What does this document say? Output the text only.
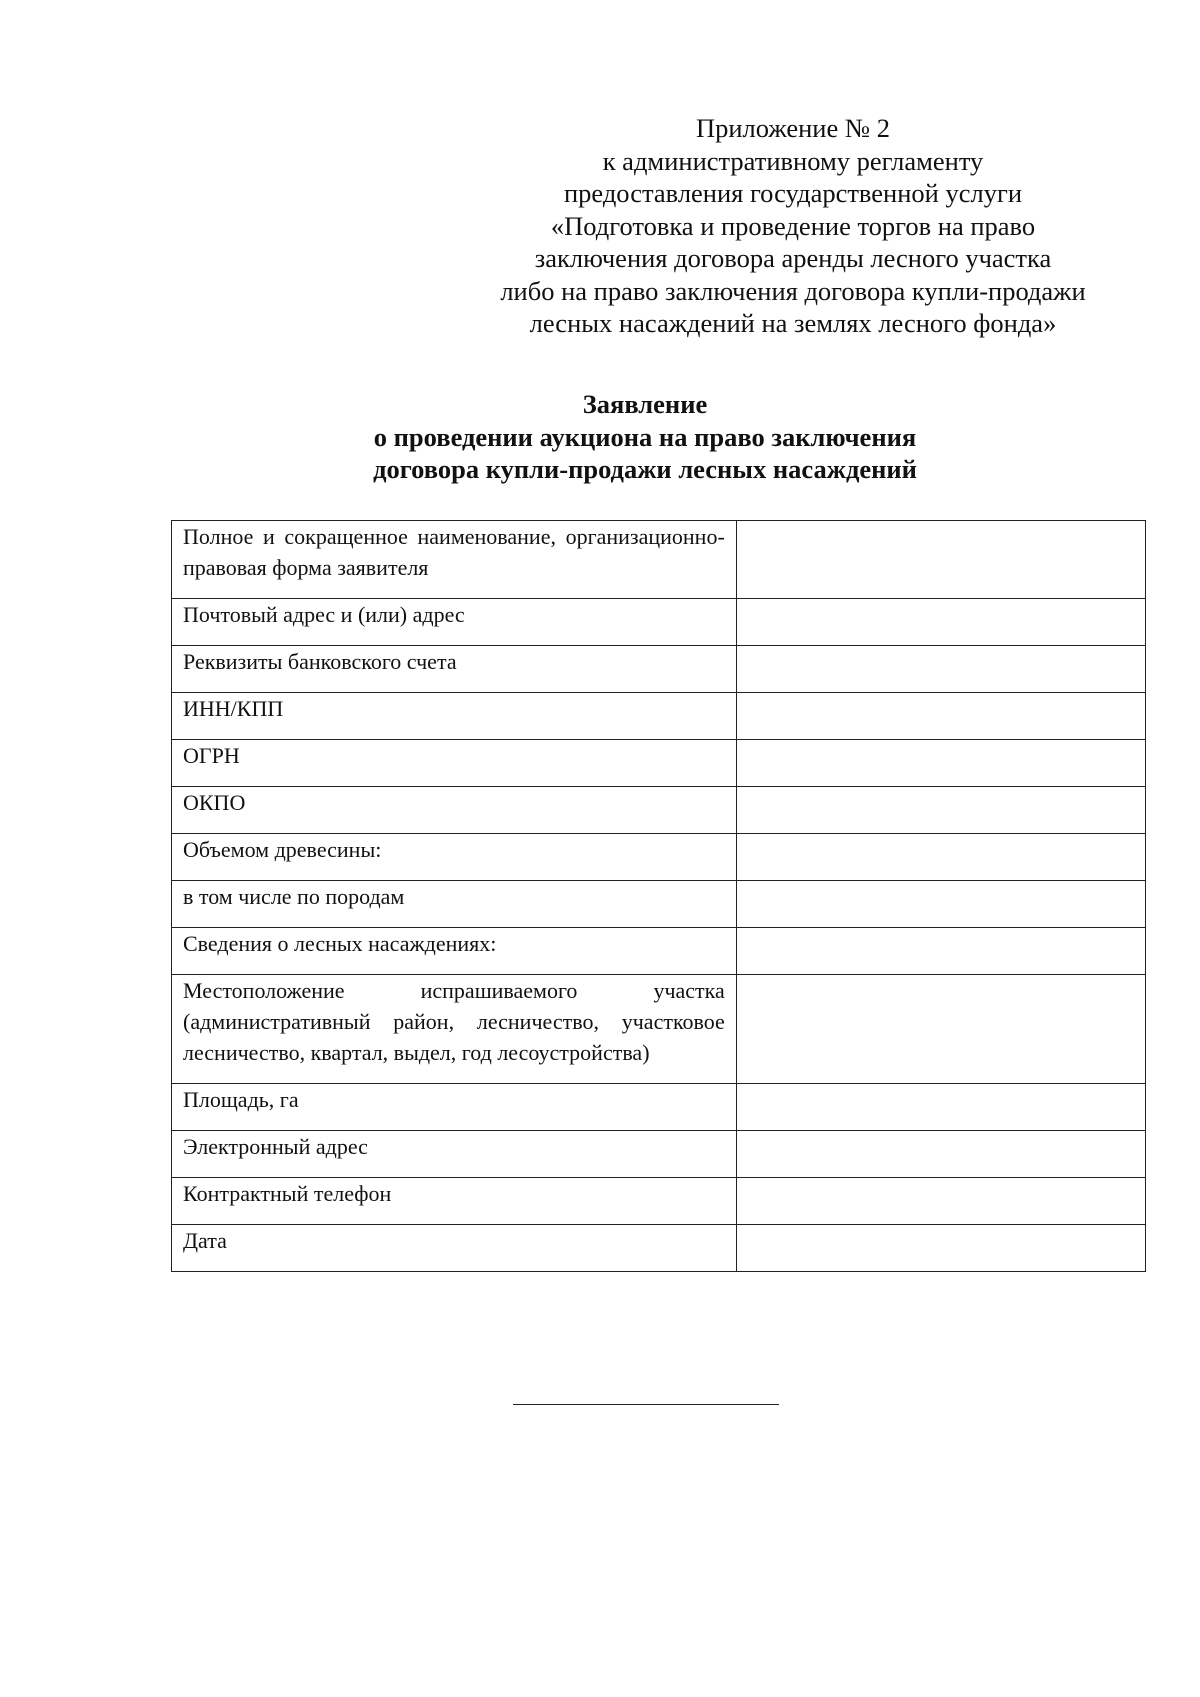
Приложение № 2
к административному регламенту
предоставления государственной услуги
«Подготовка и проведение торгов на право
заключения договора аренды лесного участка
либо на право заключения договора купли-продажи
лесных насаждений на землях лесного фонда»
Заявление
о проведении аукциона на право заключения
договора купли-продажи лесных насаждений
Полное и сокращенное наименование, организационно-правовая форма заявителя	
Почтовый адрес и (или) адрес	
Реквизиты банковского счета	
ИНН/КПП	
ОГРН	
ОКПО	
Объемом древесины:	
в том числе по породам	
Сведения о лесных насаждениях:	
Местоположение испрашиваемого участка (административный район, лесничество, участковое лесничество, квартал, выдел, год лесоустройства)	
Площадь, га	
Электронный адрес	
Контрактный телефон	
Дата	
